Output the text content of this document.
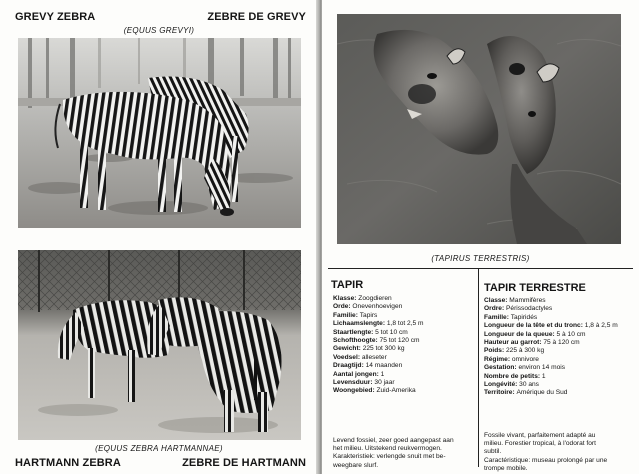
GREVY ZEBRA	ZEBRE DE GREVY
(EQUUS GREVYI)
(EQUUS ZEBRA HARTMANNAE)
HARTMANN ZEBRA	ZEBRE DE HARTMANN
(TAPIRUS TERRESTRIS)
TAPIR
Klasse: Zoogdieren
Orde: Onevenhoevigen
Familie: Tapirs
Lichaamslengte: 1,8 tot 2,5 m
Staartlengte: 5 tot 10 cm
Schofthoogte: 75 tot 120 cm
Gewicht: 225 tot 300 kg
Voedsel: alleseter
Draagtijd: 14 maanden
Aantal jongen: 1
Levensduur: 30 jaar
Woongebied: Zuid-Amerika
Levend fossiel, zeer goed aangepast aan
het milieu. Uitstekend reukvermogen.
Karakteristiek: verlengde snuit met be-
weegbare slurf.
TAPIR TERRESTRE
Classe: Mammifères
Ordre: Périssodactyles
Famille: Tapiridés
Longueur de la tête et du tronc: 1,8 à 2,5 m
Longueur de la queue: 5 à 10 cm
Hauteur au garrot: 75 à 120 cm
Poids: 225 à 300 kg
Régime: omnivore
Gestation: environ 14 mois
Nombre de petits: 1
Longévité: 30 ans
Territoire: Amérique du Sud
Fossile vivant, parfaitement adapté au
milieu. Forestier tropical, à l'odorat fort
subtil.
Caractéristique: museau prolongé par une
trompe mobile.
